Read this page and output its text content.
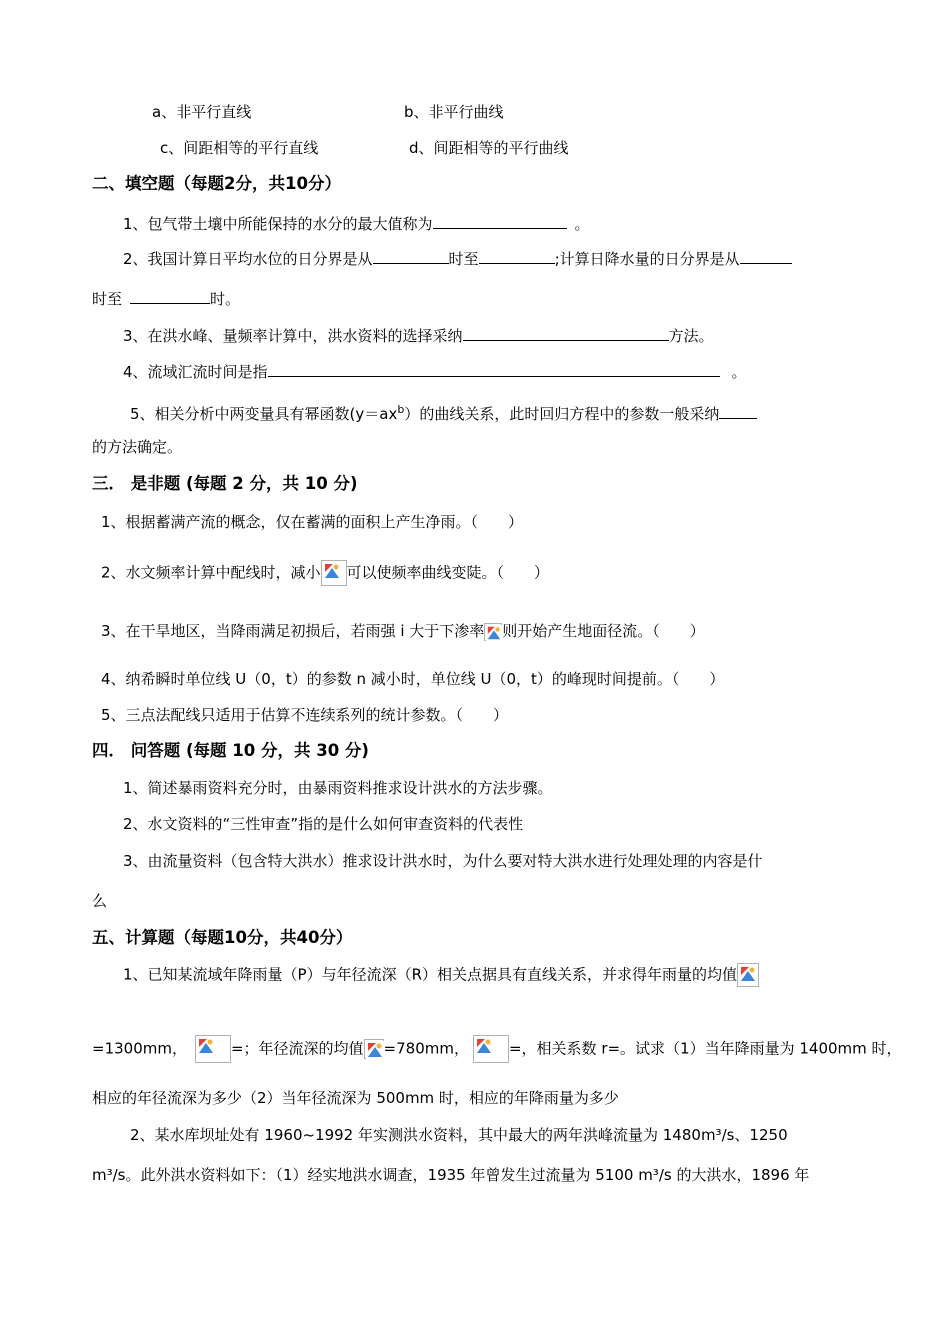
a、非平行直线	b、非平行曲线
c、间距相等的平行直线	d、间距相等的平行曲线
二、填空题（每题2分，共10分）
1、包气带土壤中所能保持的水分的最大值称为	。
2、我国计算日平均水位的日分界是从	时至	;计算日降水量的日分界是从
时至	时。
3、在洪水峰、量频率计算中，洪水资料的选择采纳	方法。
4、流域汇流时间是指	。
5、相关分析中两变量具有幂函数$(y=ax^b)$的曲线关系，此时回归方程中的参数一般采纳
的方法确定。
三． 是非题 (每题 2 分，共 10 分)
1、根据蓄满产流的概念，仅在蓄满的面积上产生净雨。（　　）
2、水文频率计算中配线时，减小 可以使频率曲线变陡。（　　）
3、在干旱地区，当降雨满足初损后，若雨强 i 大于下渗率 则开始产生地面径流。（　　）
4、纳希瞬时单位线 U（0，t）的参数 n 减小时，单位线 U（0，t）的峰现时间提前。（　　）
5、三点法配线只适用于估算不连续系列的统计参数。（　　）
四． 问答题 (每题 10 分，共 30 分)
1、简述暴雨资料充分时，由暴雨资料推求设计洪水的方法步骤。
2、水文资料的“三性审查”指的是什么如何审查资料的代表性
3、由流量资料（包含特大洪水）推求设计洪水时，为什么要对特大洪水进行处理处理的内容是什
么
五、计算题（每题10分，共40分）
1、已知某流域年降雨量（P）与年径流深（R）相关点据具有直线关系，并求得年雨量的均值
=1300mm，	=；年径流深的均值 =780mm，	=，相关系数 r=。试求（1）当年降雨量为 1400mm 时，
相应的年径流深为多少（2）当年径流深为 500mm 时，相应的年降雨量为多少
2、某水库坝址处有 1960~1992 年实测洪水资料，其中最大的两年洪峰流量为 1480m³/s、1250
m³/s。此外洪水资料如下：（1）经实地洪水调查，1935 年曾发生过流量为 5100 m³/s 的大洪水，1896 年
